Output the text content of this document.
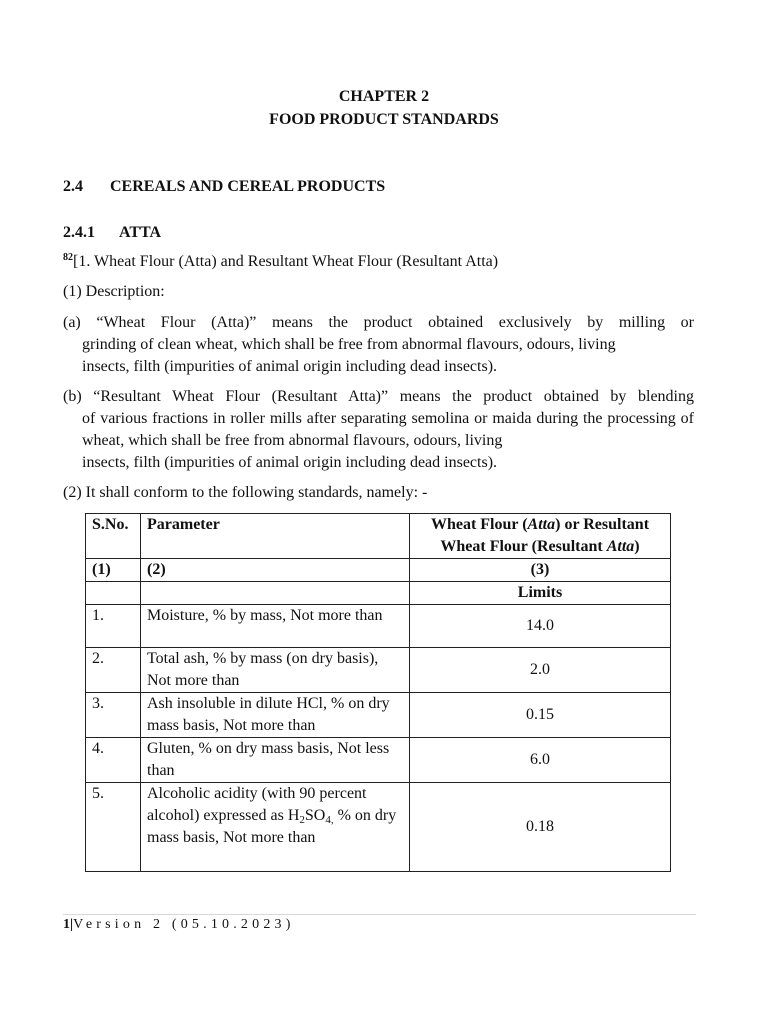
CHAPTER 2
FOOD PRODUCT STANDARDS
2.4 CEREALS AND CEREAL PRODUCTS
2.4.1 ATTA
$^{82}$[1. Wheat Flour (Atta) and Resultant Wheat Flour (Resultant Atta)
(1) Description:
(a) “Wheat Flour (Atta)” means the product obtained exclusively by milling or
grinding of clean wheat, which shall be free from abnormal flavours, odours, living
insects, filth (impurities of animal origin including dead insects).
(b) “Resultant Wheat Flour (Resultant Atta)” means the product obtained by blending
of various fractions in roller mills after separating semolina or maida during the processing of wheat, which shall be free from abnormal flavours, odours, living
insects, filth (impurities of animal origin including dead insects).
(2) It shall conform to the following standards, namely: -
S.No.	Parameter	Wheat Flour (Atta) or Resultant Wheat Flour (Resultant Atta)
(1)	(2)	(3)
		Limits
1.	Moisture, % by mass, Not more than	14.0
2.	Total ash, % by mass (on dry basis), Not more than	2.0
3.	Ash insoluble in dilute HCl, % on dry mass basis, Not more than	0.15
4.	Gluten, % on dry mass basis, Not less than	6.0
5.	Alcoholic acidity (with 90 percent alcohol) expressed as $H_2SO_{4,}$ % on dry mass basis, Not more than	0.18
1|Version 2 (05.10.2023)
